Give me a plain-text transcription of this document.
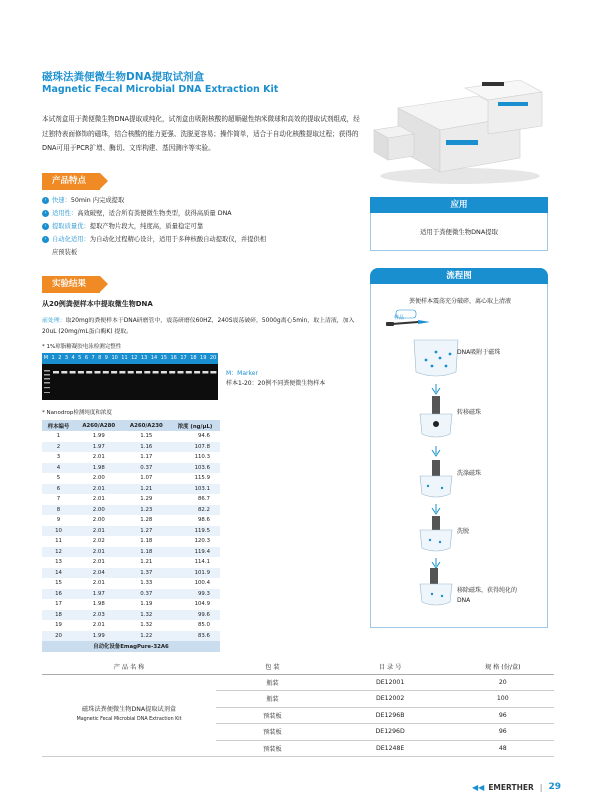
磁珠法粪便微生物DNA提取试剂盒
Magnetic Fecal Microbial DNA Extraction Kit
本试剂盒用于粪便微生物DNA提取或纯化，试剂盒由吸附核酸的超顺磁性纳米微球和高效的提取试剂组成，经过独特表面修饰的磁珠，结合核酸的能力更强、洗脱更容易；操作简单，适合于自动化核酸提取过程；获得的DNA可用于PCR扩增、酶切、文库构建、基因测序等实验。
产品特点
› 快速：50min 内完成提取
› 适用性：高效破壁，适合所有粪便微生物类型，获得高质量 DNA
› 提取质量优：提取产物片段大，纯度高，质量稳定可靠
› 自动化适用：为自动化过程精心设计，适用于多种核酸自动提取仪，并提供相
应预装板
应用
适用于粪便微生物DNA提取
实验结果
从20例粪便样本中提取微生物DNA
前处理：取20mg的粪便样本于DNA研磨管中，震荡研磨仪60HZ，240S震荡破碎，5000g离心5min，取上清液，加入20uL (20mg/mL蛋白酶K) 提取。
* 1%琼脂糖凝胶电泳检测完整性
M 1 2 3 4 5 6 7 8 9 10 11 12 13 14 15 16 17 18 19 20
M：Marker
样本1-20：20例不同粪便微生物样本
* Nanodrop检测纯度和浓度
样本编号	A260/A280	A260/A230	浓度 (ng/μL)
1	1.99	1.15	94.6
2	1.97	1.16	107.8
3	2.01	1.17	110.3
4	1.98	0.37	103.6
5	2.00	1.07	115.9
6	2.01	1.21	103.1
7	2.01	1.29	86.7
8	2.00	1.23	82.2
9	2.00	1.28	98.6
10	2.01	1.27	119.5
11	2.02	1.18	120.3
12	2.01	1.18	119.4
13	2.01	1.21	114.1
14	2.04	1.37	101.9
15	2.01	1.33	100.4
16	1.97	0.37	99.3
17	1.98	1.19	104.9
18	2.03	1.32	99.6
19	2.01	1.32	85.0
20	1.99	1.22	83.6
自动化设备EmagPure-32A6			
流程图
粪便样本震荡充分破碎，离心取上清液
样品
DNA吸附于磁珠
转移磁珠
洗涤磁珠
洗脱
移除磁珠，获得纯化的DNA
产 品 名 称	包 装	目 录 号	规 格 (份/盒)
磁珠法粪便微生物DNA提取试剂盒
Magnetic Fecal Microbial DNA Extraction Kit	瓶装	DE12001	20
	瓶装	DE12002	100
	预装板	DE1296B	96
	预装板	DE1296D	96
	预装板	DE1248E	48
◀◀ EMERTHER | 29
